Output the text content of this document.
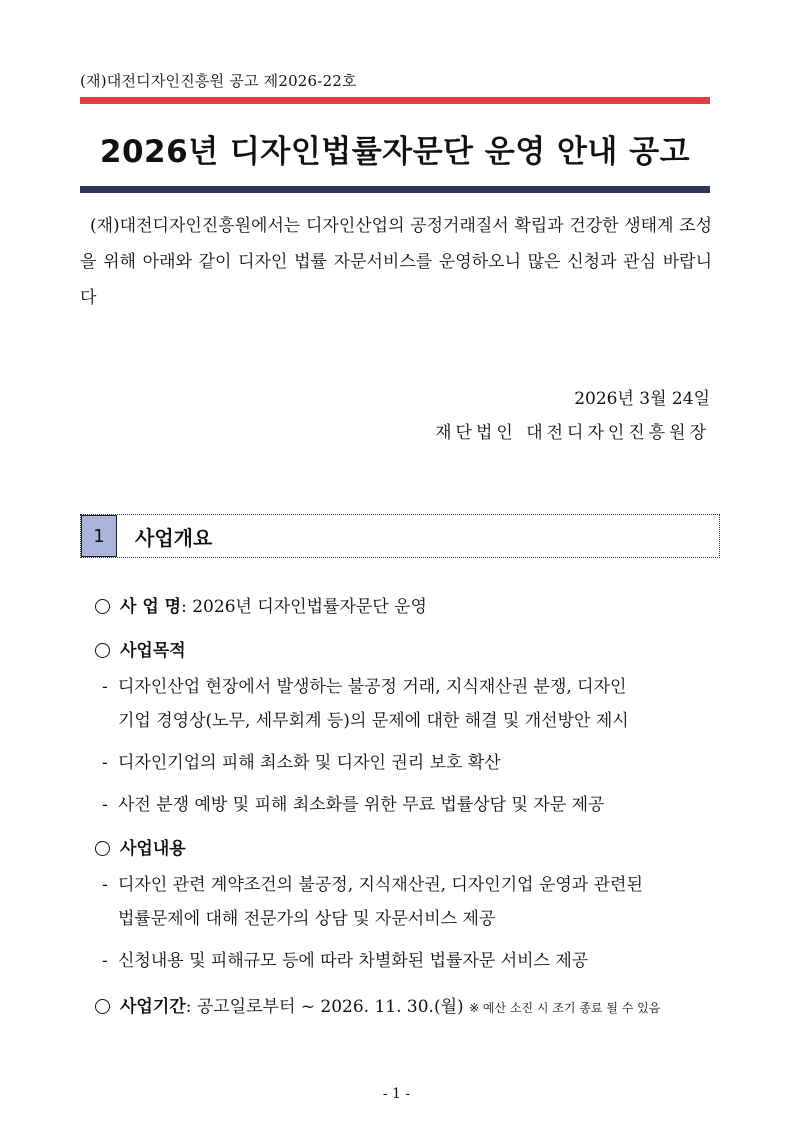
(재)대전디자인진흥원 공고 제2026-22호
2026년 디자인법률자문단 운영 안내 공고
(재)대전디자인진흥원에서는 디자인산업의 공정거래질서 확립과 건강한 생태계 조성을 위해 아래와 같이 디자인 법률 자문서비스를 운영하오니 많은 신청과 관심 바랍니다
2026년 3월 24일
재단법인 대전디자인진흥원장
1	사업개요
사 업 명: 2026년 디자인법률자문단 운영
사업목적
- 디자인산업 현장에서 발생하는 불공정 거래, 지식재산권 분쟁, 디자인
기업 경영상(노무, 세무회계 등)의 문제에 대한 해결 및 개선방안 제시
- 디자인기업의 피해 최소화 및 디자인 권리 보호 확산
- 사전 분쟁 예방 및 피해 최소화를 위한 무료 법률상담 및 자문 제공
사업내용
- 디자인 관련 계약조건의 불공정, 지식재산권, 디자인기업 운영과 관련된
법률문제에 대해 전문가의 상담 및 자문서비스 제공
- 신청내용 및 피해규모 등에 따라 차별화된 법률자문 서비스 제공
사업기간: 공고일로부터 ~ 2026. 11. 30.(월) ※ 예산 소진 시 조기 종료 될 수 있음
- 1 -
